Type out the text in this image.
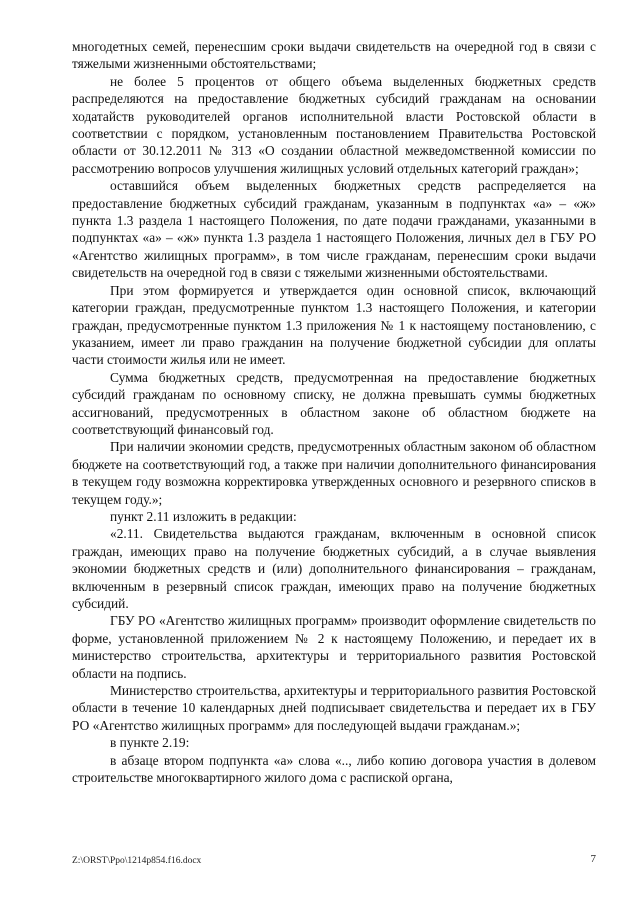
многодетных семей, перенесшим сроки выдачи свидетельств на очередной год в связи с тяжелыми жизненными обстоятельствами;

не более 5 процентов от общего объема выделенных бюджетных средств распределяются на предоставление бюджетных субсидий гражданам на основании ходатайств руководителей органов исполнительной власти Ростовской области в соответствии с порядком, установленным постановлением Правительства Ростовской области от 30.12.2011 № 313 «О создании областной межведомственной комиссии по рассмотрению вопросов улучшения жилищных условий отдельных категорий граждан»;

оставшийся объем выделенных бюджетных средств распределяется на предоставление бюджетных субсидий гражданам, указанным в подпунктах «а» – «ж» пункта 1.3 раздела 1 настоящего Положения, по дате подачи гражданами, указанными в подпунктах «а» – «ж» пункта 1.3 раздела 1 настоящего Положения, личных дел в ГБУ РО «Агентство жилищных программ», в том числе гражданам, перенесшим сроки выдачи свидетельств на очередной год в связи с тяжелыми жизненными обстоятельствами.

При этом формируется и утверждается один основной список, включающий категории граждан, предусмотренные пунктом 1.3 настоящего Положения, и категории граждан, предусмотренные пунктом 1.3 приложения № 1 к настоящему постановлению, с указанием, имеет ли право гражданин на получение бюджетной субсидии для оплаты части стоимости жилья или не имеет.

Сумма бюджетных средств, предусмотренная на предоставление бюджетных субсидий гражданам по основному списку, не должна превышать суммы бюджетных ассигнований, предусмотренных в областном законе об областном бюджете на соответствующий финансовый год.

При наличии экономии средств, предусмотренных областным законом об областном бюджете на соответствующий год, а также при наличии дополнительного финансирования в текущем году возможна корректировка утвержденных основного и резервного списков в текущем году.»;

пункт 2.11 изложить в редакции:

«2.11. Свидетельства выдаются гражданам, включенным в основной список граждан, имеющих право на получение бюджетных субсидий, а в случае выявления экономии бюджетных средств и (или) дополнительного финансирования – гражданам, включенным в резервный список граждан, имеющих право на получение бюджетных субсидий.

ГБУ РО «Агентство жилищных программ» производит оформление свидетельств по форме, установленной приложением № 2 к настоящему Положению, и передает их в министерство строительства, архитектуры и территориального развития Ростовской области на подпись.

Министерство строительства, архитектуры и территориального развития Ростовской области в течение 10 календарных дней подписывает свидетельства и передает их в ГБУ РО «Агентство жилищных программ» для последующей выдачи гражданам.»;

в пункте 2.19:

в абзаце втором подпункта «а» слова «.., либо копию договора участия в долевом строительстве многоквартирного жилого дома с распиской органа,

Z:\ORST\Ppo\1214p854.f16.docx	7
